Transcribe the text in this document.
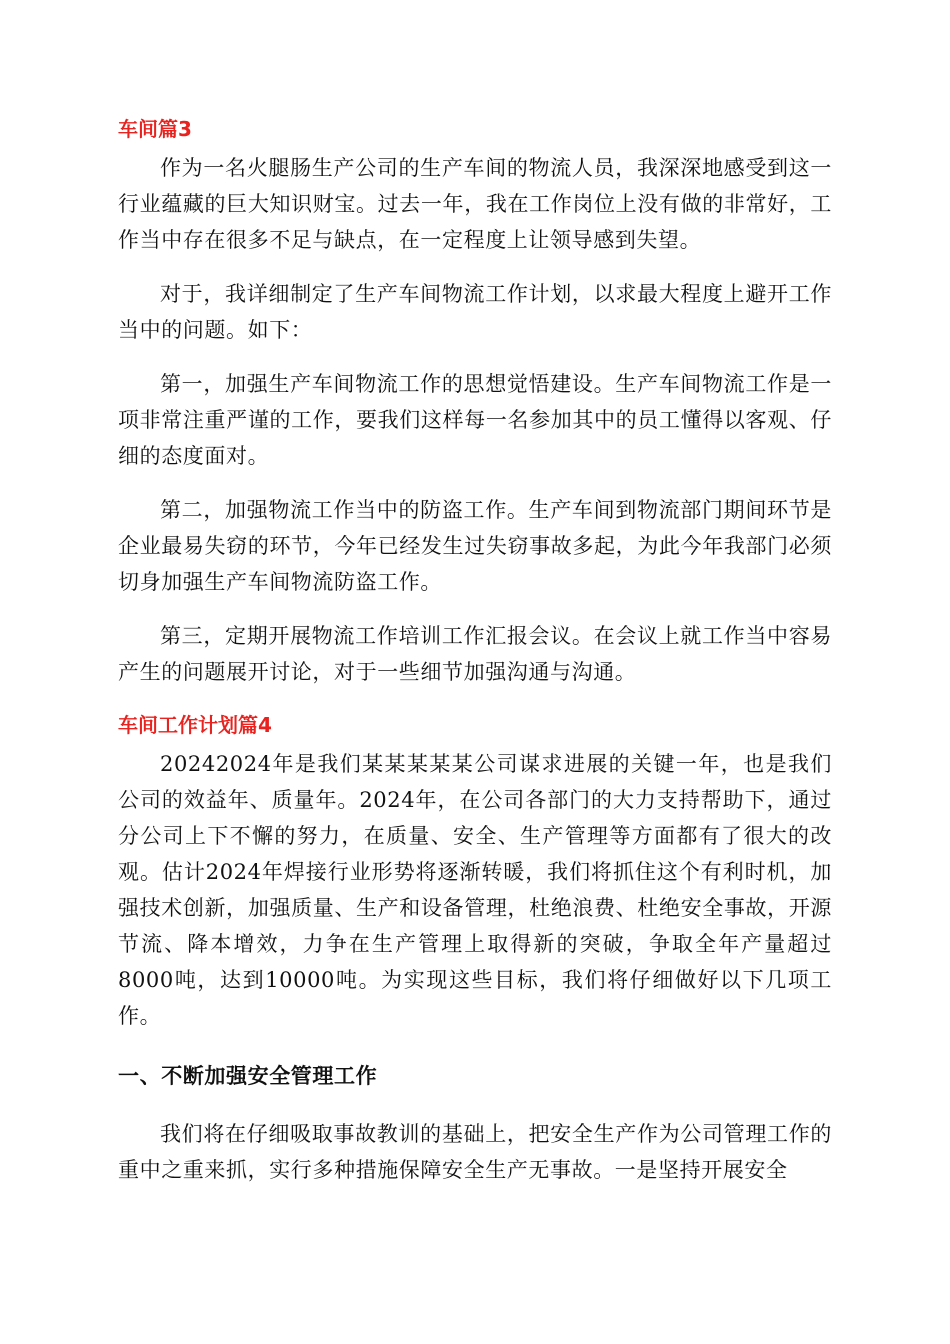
车间篇3

作为一名火腿肠生产公司的生产车间的物流人员，我深深地感受到这一行业蕴藏的巨大知识财宝。过去一年，我在工作岗位上没有做的非常好，工作当中存在很多不足与缺点，在一定程度上让领导感到失望。

对于，我详细制定了生产车间物流工作计划，以求最大程度上避开工作当中的问题。如下：

第一，加强生产车间物流工作的思想觉悟建设。生产车间物流工作是一项非常注重严谨的工作，要我们这样每一名参加其中的员工懂得以客观、仔细的态度面对。

第二，加强物流工作当中的防盗工作。生产车间到物流部门期间环节是企业最易失窃的环节，今年已经发生过失窃事故多起，为此今年我部门必须切身加强生产车间物流防盗工作。

第三，定期开展物流工作培训工作汇报会议。在会议上就工作当中容易产生的问题展开讨论，对于一些细节加强沟通与沟通。

车间工作计划篇4

20242024年是我们某某某某某公司谋求进展的关键一年，也是我们公司的效益年、质量年。2024年，在公司各部门的大力支持帮助下，通过分公司上下不懈的努力，在质量、安全、生产管理等方面都有了很大的改观。估计2024年焊接行业形势将逐渐转暖，我们将抓住这个有利时机，加强技术创新，加强质量、生产和设备管理，杜绝浪费、杜绝安全事故，开源节流、降本增效，力争在生产管理上取得新的突破，争取全年产量超过8000吨，达到10000吨。为实现这些目标，我们将仔细做好以下几项工作。

一、不断加强安全管理工作

我们将在仔细吸取事故教训的基础上，把安全生产作为公司管理工作的重中之重来抓，实行多种措施保障安全生产无事故。一是坚持开展安全
